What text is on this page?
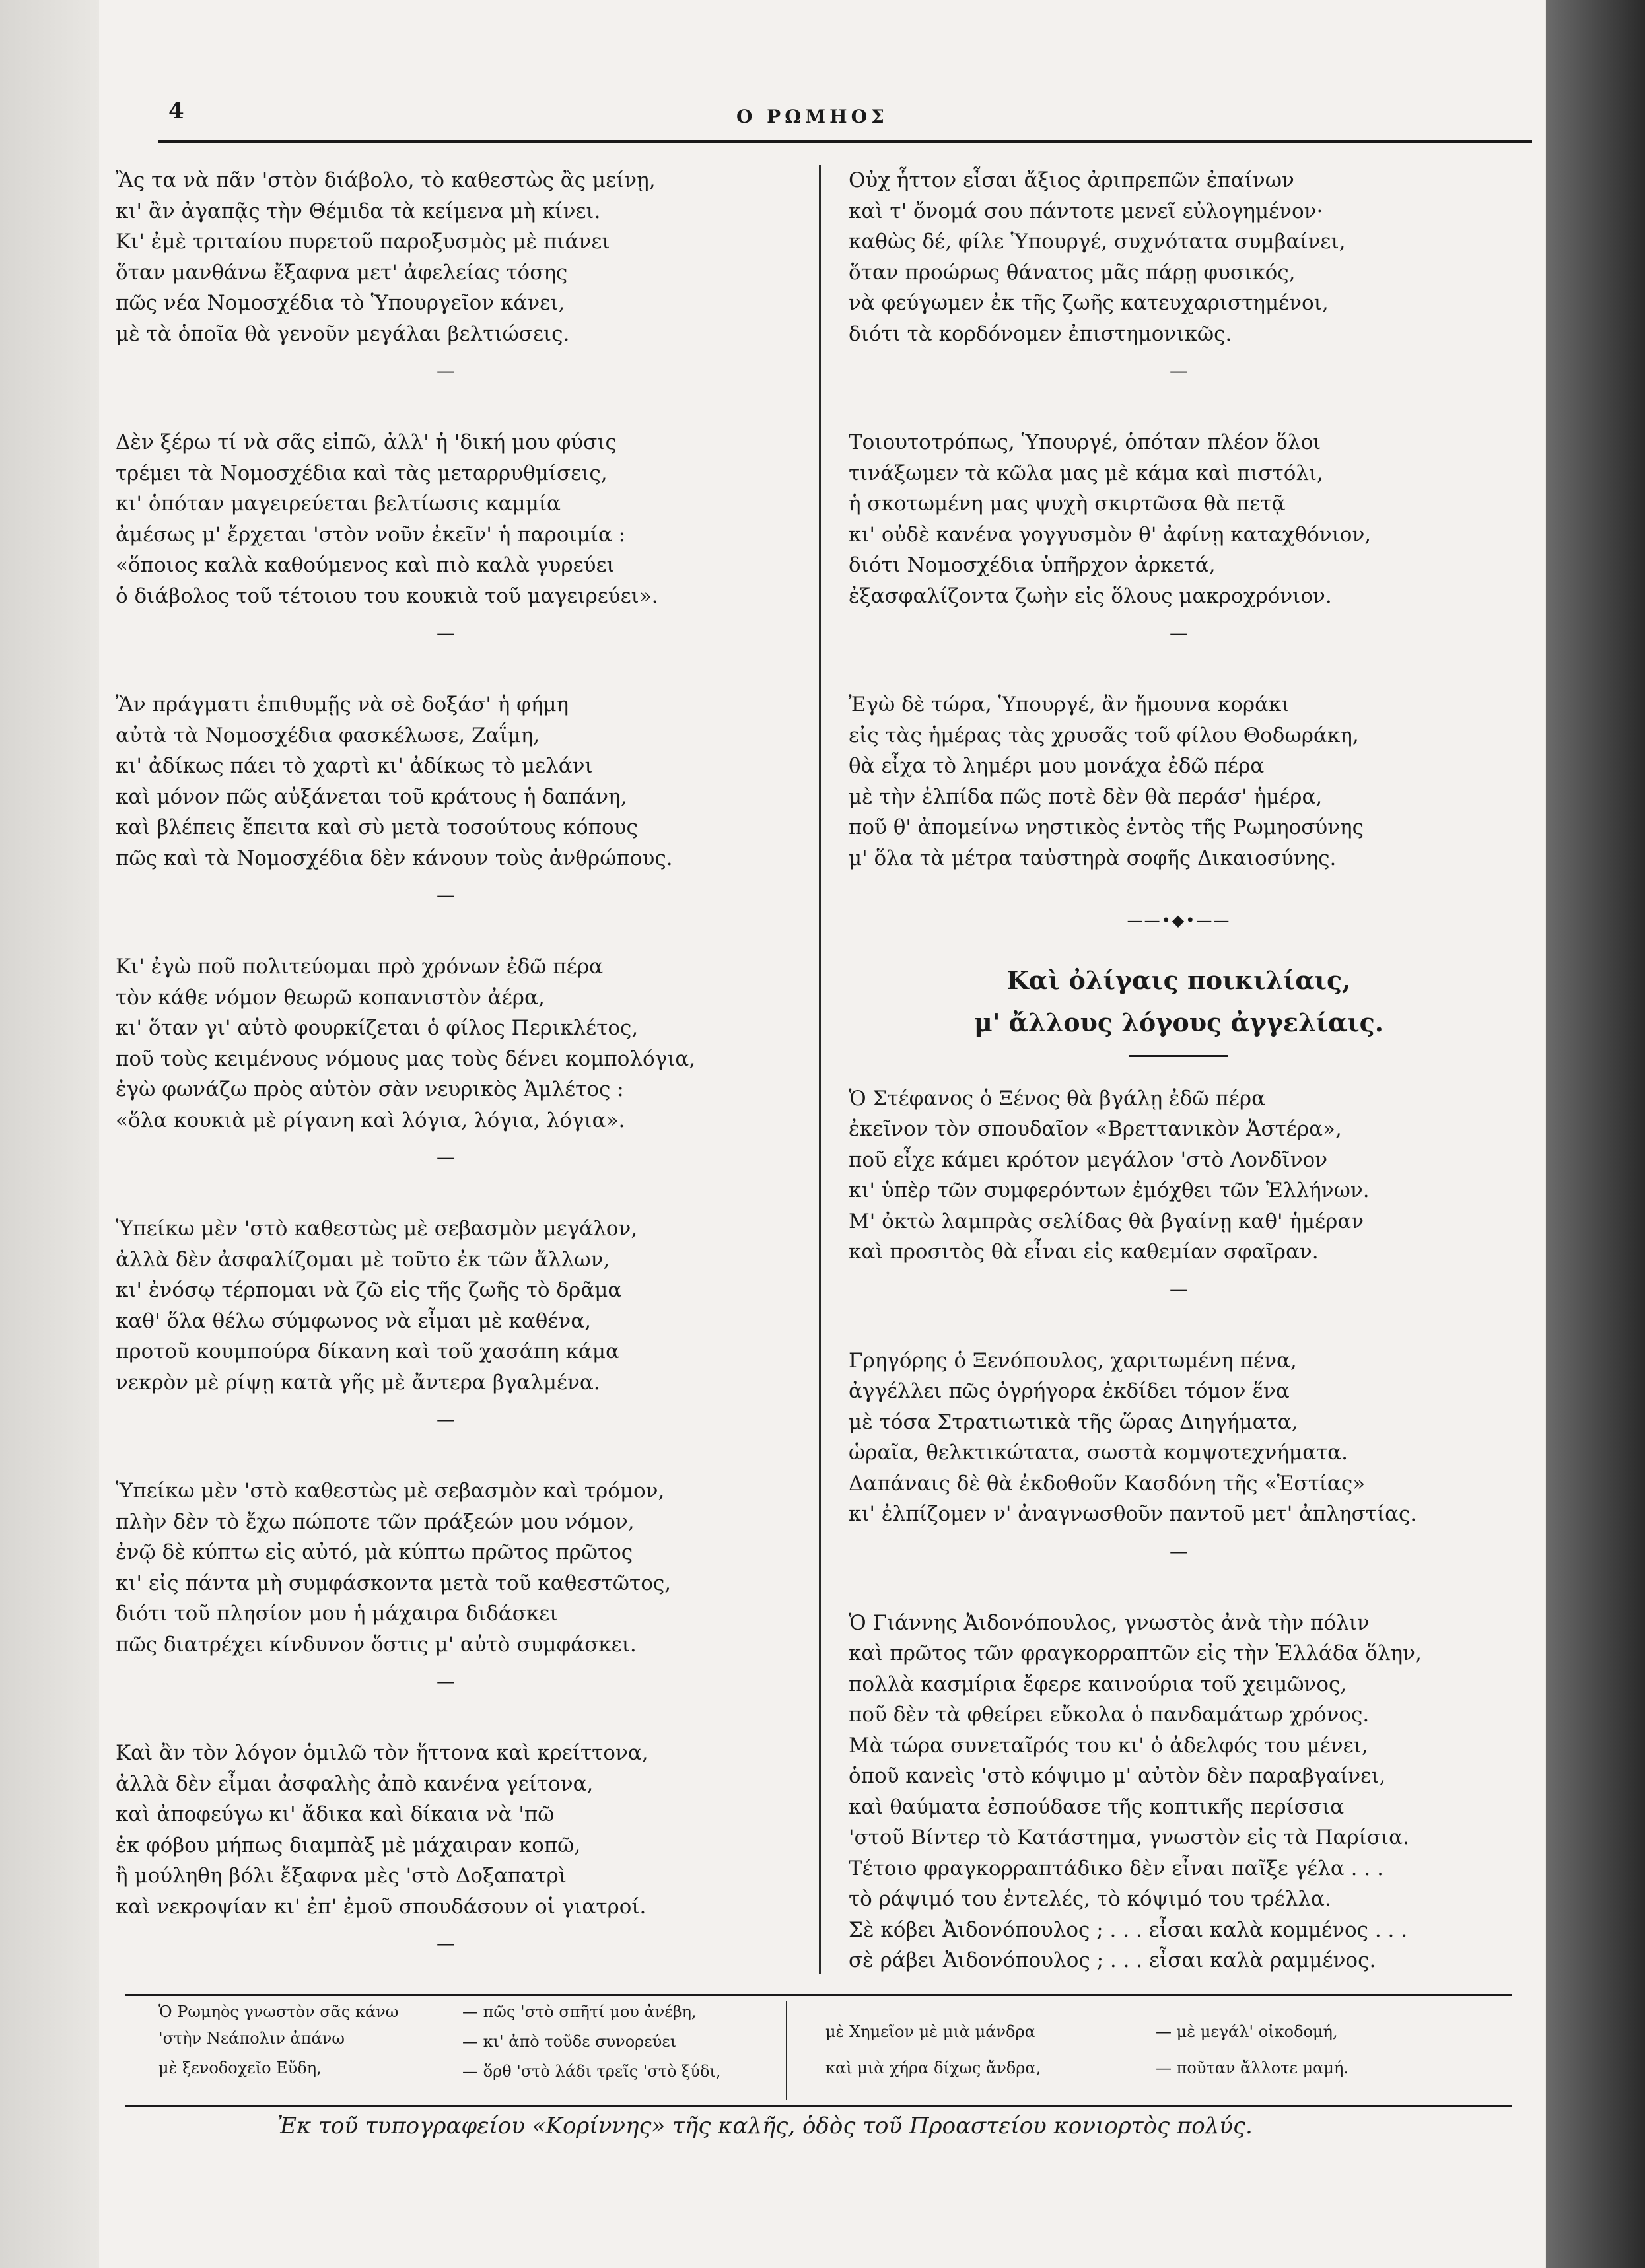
4	Ο ΡΩΜΗΟΣ

Ἂς τα νὰ πᾶν 'στὸν διάβολο, τὸ καθεστὼς ἂς μείνῃ,

κι' ἂν ἀγαπᾷς τὴν Θέμιδα τὰ κείμενα μὴ κίνει.

Κι' ἐμὲ τριταίου πυρετοῦ παροξυσμὸς μὲ πιάνει

ὅταν μανθάνω ἔξαφνα μετ' ἀφελείας τόσης

πῶς νέα Νομοσχέδια τὸ Ὑπουργεῖον κάνει,

μὲ τὰ ὁποῖα θὰ γενοῦν μεγάλαι βελτιώσεις.

—

Δὲν ξέρω τί νὰ σᾶς εἰπῶ, ἀλλ' ἡ 'δική μου φύσις

τρέμει τὰ Νομοσχέδια καὶ τὰς μεταρρυθμίσεις,

κι' ὁπόταν μαγειρεύεται βελτίωσις καμμία

ἀμέσως μ' ἔρχεται 'στὸν νοῦν ἐκεῖν' ἡ παροιμία :

«ὅποιος καλὰ καθούμενος καὶ πιὸ καλὰ γυρεύει

ὁ διάβολος τοῦ τέτοιου του κουκιὰ τοῦ μαγειρεύει».

—

Ἂν πράγματι ἐπιθυμῇς νὰ σὲ δοξάσ' ἡ φήμη

αὐτὰ τὰ Νομοσχέδια φασκέλωσε, Ζαΐμη,

κι' ἀδίκως πάει τὸ χαρτὶ κι' ἀδίκως τὸ μελάνι

καὶ μόνον πῶς αὐξάνεται τοῦ κράτους ἡ δαπάνη,

καὶ βλέπεις ἔπειτα καὶ σὺ μετὰ τοσούτους κόπους

πῶς καὶ τὰ Νομοσχέδια δὲν κάνουν τοὺς ἀνθρώπους.

—

Κι' ἐγὼ ποῦ πολιτεύομαι πρὸ χρόνων ἐδῶ πέρα

τὸν κάθε νόμον θεωρῶ κοπανιστὸν ἀέρα,

κι' ὅταν γι' αὐτὸ φουρκίζεται ὁ φίλος Περικλέτος,

ποῦ τοὺς κειμένους νόμους μας τοὺς δένει κομπολόγια,

ἐγὼ φωνάζω πρὸς αὐτὸν σὰν νευρικὸς Ἀμλέτος :

«ὅλα κουκιὰ μὲ ρίγανη καὶ λόγια, λόγια, λόγια».

—

Ὑπείκω μὲν 'στὸ καθεστὼς μὲ σεβασμὸν μεγάλον,

ἀλλὰ δὲν ἀσφαλίζομαι μὲ τοῦτο ἐκ τῶν ἄλλων,

κι' ἐνόσῳ τέρπομαι νὰ ζῶ εἰς τῆς ζωῆς τὸ δρᾶμα

καθ' ὅλα θέλω σύμφωνος νὰ εἶμαι μὲ καθένα,

προτοῦ κουμπούρα δίκανη καὶ τοῦ χασάπη κάμα

νεκρὸν μὲ ρίψῃ κατὰ γῆς μὲ ἄντερα βγαλμένα.

—

Ὑπείκω μὲν 'στὸ καθεστὼς μὲ σεβασμὸν καὶ τρόμον,

πλὴν δὲν τὸ ἔχω πώποτε τῶν πράξεών μου νόμον,

ἐνῷ δὲ κύπτω εἰς αὐτό, μὰ κύπτω πρῶτος πρῶτος

κι' εἰς πάντα μὴ συμφάσκοντα μετὰ τοῦ καθεστῶτος,

διότι τοῦ πλησίον μου ἡ μάχαιρα διδάσκει

πῶς διατρέχει κίνδυνον ὅστις μ' αὐτὸ συμφάσκει.

—

Καὶ ἂν τὸν λόγον ὁμιλῶ τὸν ἥττονα καὶ κρείττονα,

ἀλλὰ δὲν εἶμαι ἀσφαλὴς ἀπὸ κανένα γείτονα,

καὶ ἀποφεύγω κι' ἄδικα καὶ δίκαια νὰ 'πῶ

ἐκ φόβου μήπως διαμπὰξ μὲ μάχαιραν κοπῶ,

ἢ μούληθη βόλι ἔξαφνα μὲς 'στὸ Δοξαπατρὶ

καὶ νεκροψίαν κι' ἐπ' ἐμοῦ σπουδάσουν οἱ γιατροί.

—

Οὐχ ἧττον εἶσαι ἄξιος ἀριπρεπῶν ἐπαίνων

καὶ τ' ὄνομά σου πάντοτε μενεῖ εὐλογημένον·

καθὼς δέ, φίλε Ὑπουργέ, συχνότατα συμβαίνει,

ὅταν προώρως θάνατος μᾶς πάρῃ φυσικός,

νὰ φεύγωμεν ἐκ τῆς ζωῆς κατευχαριστημένοι,

διότι τὰ κορδόνομεν ἐπιστημονικῶς.

—

Τοιουτοτρόπως, Ὑπουργέ, ὁπόταν πλέον ὅλοι

τινάξωμεν τὰ κῶλα μας μὲ κάμα καὶ πιστόλι,

ἡ σκοτωμένη μας ψυχὴ σκιρτῶσα θὰ πετᾷ

κι' οὐδὲ κανένα γογγυσμὸν θ' ἀφίνῃ καταχθόνιον,

διότι Νομοσχέδια ὑπῆρχον ἀρκετά,

ἐξασφαλίζοντα ζωὴν εἰς ὅλους μακροχρόνιον.

—

Ἐγὼ δὲ τώρα, Ὑπουργέ, ἂν ἤμουνα κοράκι

εἰς τὰς ἡμέρας τὰς χρυσᾶς τοῦ φίλου Θοδωράκη,

θὰ εἶχα τὸ λημέρι μου μονάχα ἐδῶ πέρα

μὲ τὴν ἐλπίδα πῶς ποτὲ δὲν θὰ περάσ' ἡμέρα,

ποῦ θ' ἀπομείνω νηστικὸς ἐντὸς τῆς Ρωμηοσύνης

μ' ὅλα τὰ μέτρα ταὐστηρὰ σοφῆς Δικαιοσύνης.

——•◆•——
Καὶ ὀλίγαις ποικιλίαις,
μ' ἄλλους λόγους ἀγγελίαις.

Ὁ Στέφανος ὁ Ξένος θὰ βγάλῃ ἐδῶ πέρα

ἐκεῖνον τὸν σπουδαῖον «Βρεττανικὸν Ἀστέρα»,

ποῦ εἶχε κάμει κρότον μεγάλον 'στὸ Λονδῖνον

κι' ὑπὲρ τῶν συμφερόντων ἐμόχθει τῶν Ἑλλήνων.

Μ' ὀκτὼ λαμπρὰς σελίδας θὰ βγαίνῃ καθ' ἡμέραν

καὶ προσιτὸς θὰ εἶναι εἰς καθεμίαν σφαῖραν.

—

Γρηγόρης ὁ Ξενόπουλος, χαριτωμένη πένα,

ἀγγέλλει πῶς ὀγρήγορα ἐκδίδει τόμον ἕνα

μὲ τόσα Στρατιωτικὰ τῆς ὥρας Διηγήματα,

ὡραῖα, θελκτικώτατα, σωστὰ κομψοτεχνήματα.

Δαπάναις δὲ θὰ ἐκδοθοῦν Κασδόνη τῆς «Ἑστίας»

κι' ἐλπίζομεν ν' ἀναγνωσθοῦν παντοῦ μετ' ἀπληστίας.

—

Ὁ Γιάννης Ἀιδονόπουλος, γνωστὸς ἀνὰ τὴν πόλιν

καὶ πρῶτος τῶν φραγκορραπτῶν εἰς τὴν Ἑλλάδα ὅλην,

πολλὰ κασμίρια ἔφερε καινούρια τοῦ χειμῶνος,

ποῦ δὲν τὰ φθείρει εὔκολα ὁ πανδαμάτωρ χρόνος.

Μὰ τώρα συνεταῖρός του κι' ὁ ἀδελφός του μένει,

ὁποῦ κανεὶς 'στὸ κόψιμο μ' αὐτὸν δὲν παραβγαίνει,

καὶ θαύματα ἐσπούδασε τῆς κοπτικῆς περίσσια

'στοῦ Βίντερ τὸ Κατάστημα, γνωστὸν εἰς τὰ Παρίσια.

Τέτοιο φραγκορραπτάδικο δὲν εἶναι παῖξε γέλα . . .

τὸ ράψιμό του ἐντελές, τὸ κόψιμό του τρέλλα.

Σὲ κόβει Ἀιδονόπουλος ; . . . εἶσαι καλὰ κομμένος . . .

σὲ ράβει Ἀιδονόπουλος ; . . . εἶσαι καλὰ ραμμένος.

Ὁ Ρωμηὸς γνωστὸν σᾶς κάνω
'στὴν Νεάπολιν ἀπάνω
μὲ ξενοδοχεῖο Εὔδη,
— πῶς 'στὸ σπῆτί μου ἀνέβη,
— κι' ἀπὸ τοῦδε συνορεύει
— ὅρθ 'στὸ λάδι τρεῖς 'στὸ ξύδι,
μὲ Χημεῖον μὲ μιὰ μάνδρα
καὶ μιὰ χήρα δίχως ἄνδρα,
— μὲ μεγάλ' οἰκοδομή,
— ποῦταν ἄλλοτε μαμή.
Ἐκ τοῦ τυπογραφείου «Κορίννης» τῆς καλῆς, ὁδὸς τοῦ Προαστείου κονιορτὸς πολύς.
